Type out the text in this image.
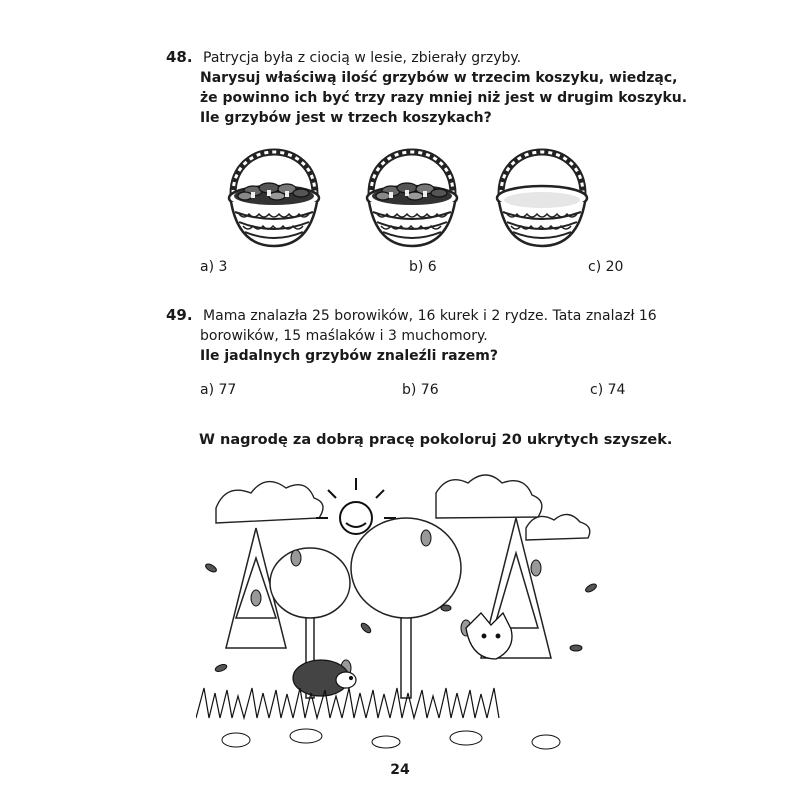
48. Patrycja była z ciocią w lesie, zbierały grzyby.

Narysuj właściwą ilość grzybów w trzecim koszyku, wiedząc,

że powinno ich być trzy razy mniej niż jest w drugim koszyku.

Ile grzybów jest w trzech koszykach?

a) 3	b) 6	c) 20

49. Mama znalazła 25 borowików, 16 kurek i 2 rydze. Tata znalazł 16

borowików, 15 maślaków i 3 muchomory.

Ile jadalnych grzybów znaleźli razem?

a) 77	b) 76	c) 74
W nagrodę za dobrą pracę pokoloruj 20 ukrytych szyszek.
24
